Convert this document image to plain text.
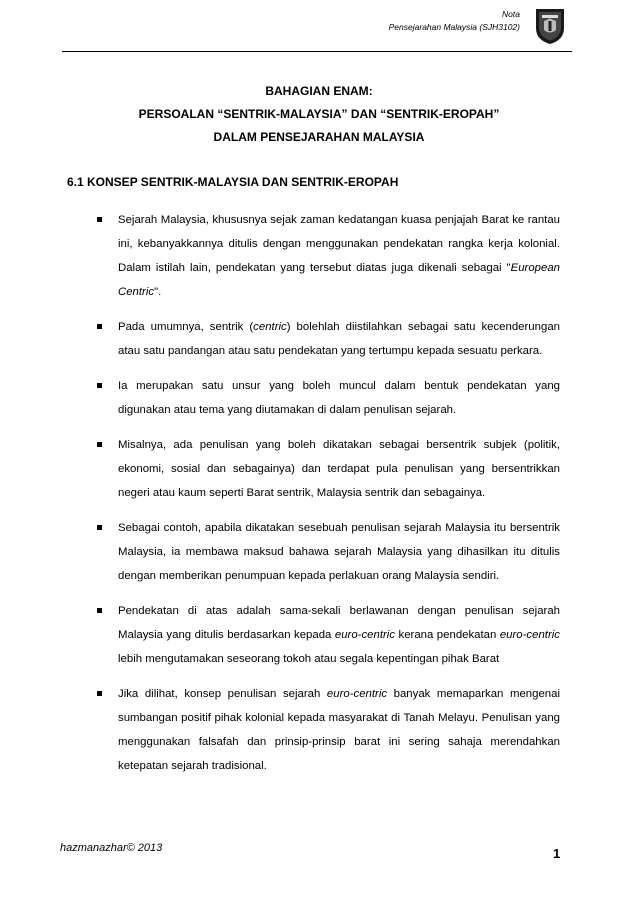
Nota
Pensejarahan Malaysia (SJH3102)
BAHAGIAN ENAM:
PERSOALAN “SENTRIK-MALAYSIA” DAN “SENTRIK-EROPAH”
DALAM PENSEJARAHAN MALAYSIA
6.1 KONSEP SENTRIK-MALAYSIA DAN SENTRIK-EROPAH
Sejarah Malaysia, khususnya sejak zaman kedatangan kuasa penjajah Barat ke rantau ini, kebanyakkannya ditulis dengan menggunakan pendekatan rangka kerja kolonial. Dalam istilah lain, pendekatan yang tersebut diatas juga dikenali sebagai "European Centric".
Pada umumnya, sentrik (centric) bolehlah diistilahkan sebagai satu kecenderungan atau satu pandangan atau satu pendekatan yang tertumpu kepada sesuatu perkara.
Ia merupakan satu unsur yang boleh muncul dalam bentuk pendekatan yang digunakan atau tema yang diutamakan di dalam penulisan sejarah.
Misalnya, ada penulisan yang boleh dikatakan sebagai bersentrik subjek (politik, ekonomi, sosial dan sebagainya) dan terdapat pula penulisan yang bersentrikkan negeri atau kaum seperti Barat sentrik, Malaysia sentrik dan sebagainya.
Sebagai contoh, apabila dikatakan sesebuah penulisan sejarah Malaysia itu bersentrik Malaysia, ia membawa maksud bahawa sejarah Malaysia yang dihasilkan itu ditulis dengan memberikan penumpuan kepada perlakuan orang Malaysia sendiri.
Pendekatan di atas adalah sama-sekali berlawanan dengan penulisan sejarah Malaysia yang ditulis berdasarkan kepada euro-centric kerana pendekatan euro-centric lebih mengutamakan seseorang tokoh atau segala kepentingan pihak Barat
Jika dilihat, konsep penulisan sejarah euro-centric banyak memaparkan mengenai sumbangan positif pihak kolonial kepada masyarakat di Tanah Melayu. Penulisan yang menggunakan falsafah dan prinsip-prinsip barat ini sering sahaja merendahkan ketepatan sejarah tradisional.
hazmanazhar© 2013	1
